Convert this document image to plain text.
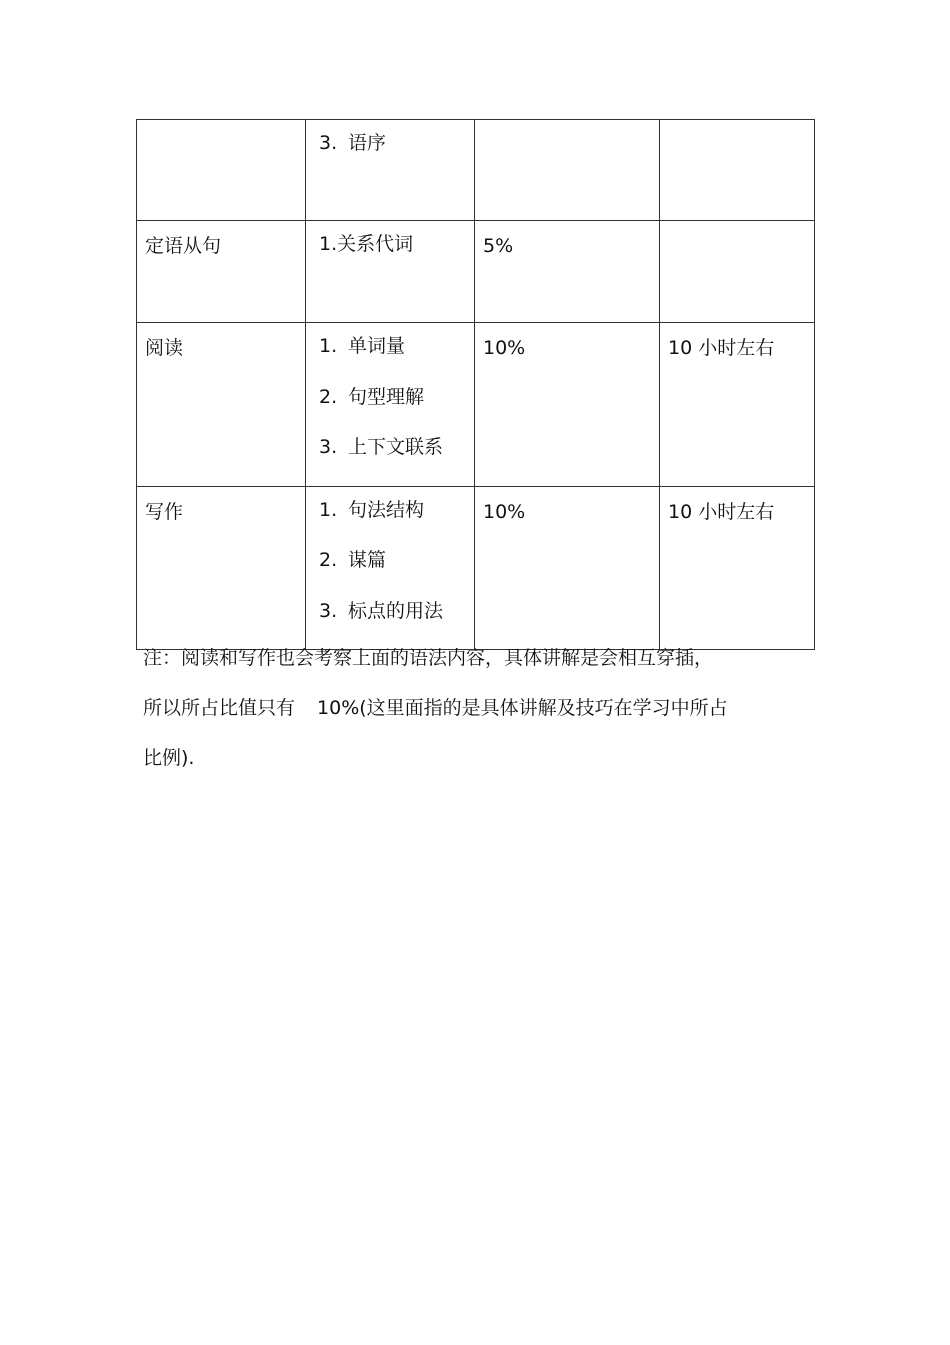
	3. 语序		

定语从句	1.关系代词	5%	

阅读	1. 单词量
2. 句型理解
3. 上下文联系	10%	10 小时左右

写作	1. 句法结构
2. 谋篇
3. 标点的用法	10%	10 小时左右
注：阅读和写作也会考察上面的语法内容，具体讲解是会相互穿插，
所以所占比值只有 10%(这里面指的是具体讲解及技巧在学习中所占
比例).
